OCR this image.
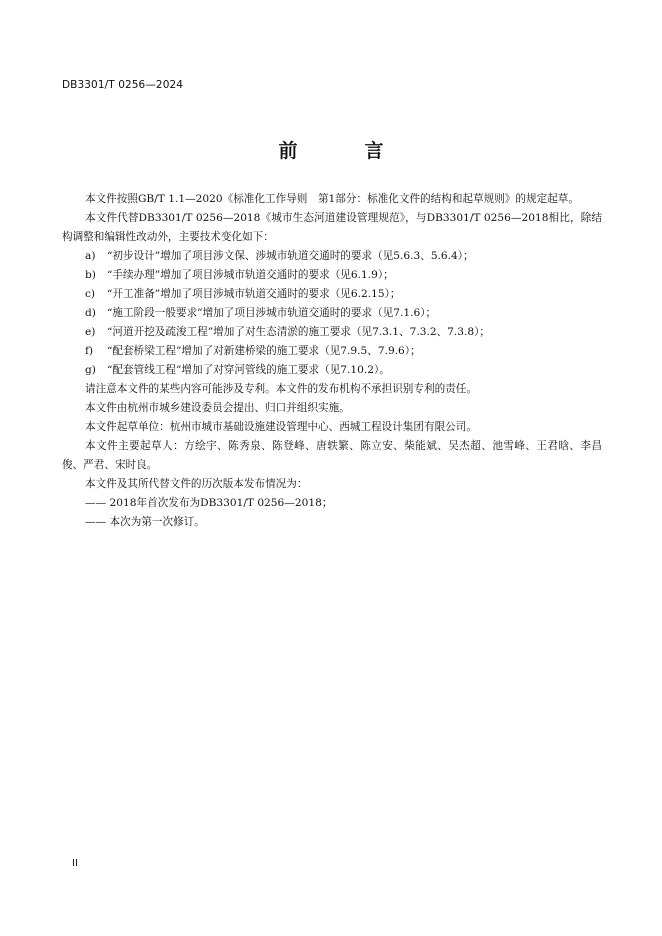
DB3301/T 0256—2024
前　言

本文件按照GB/T 1.1—2020《标准化工作导则　第1部分：标准化文件的结构和起草规则》的规定起草。

本文件代替DB3301/T 0256—2018《城市生态河道建设管理规范》，与DB3301/T 0256—2018相比，除结构调整和编辑性改动外，主要技术变化如下：

a)	“初步设计”增加了项目涉文保、涉城市轨道交通时的要求（见5.6.3、5.6.4）；
b)	“手续办理”增加了项目涉城市轨道交通时的要求（见6.1.9）；
c)	“开工准备”增加了项目涉城市轨道交通时的要求（见6.2.15）；
d)	“施工阶段一般要求”增加了项目涉城市轨道交通时的要求（见7.1.6）；
e)	“河道开挖及疏浚工程”增加了对生态清淤的施工要求（见7.3.1、7.3.2、7.3.8）；
f)	“配套桥梁工程”增加了对新建桥梁的施工要求（见7.9.5、7.9.6）；
g)	“配套管线工程”增加了对穿河管线的施工要求（见7.10.2）。

请注意本文件的某些内容可能涉及专利。本文件的发布机构不承担识别专利的责任。

本文件由杭州市城乡建设委员会提出、归口并组织实施。

本文件起草单位：杭州市城市基础设施建设管理中心、西城工程设计集团有限公司。

本文件主要起草人：方绘宇、陈秀泉、陈登峰、唐轶繁、陈立安、柴能斌、吴杰超、池雪峰、王君晗、李昌俊、严君、宋时良。

本文件及其所代替文件的历次版本发布情况为：

—— 2018年首次发布为DB3301/T 0256—2018；

—— 本次为第一次修订。

II
